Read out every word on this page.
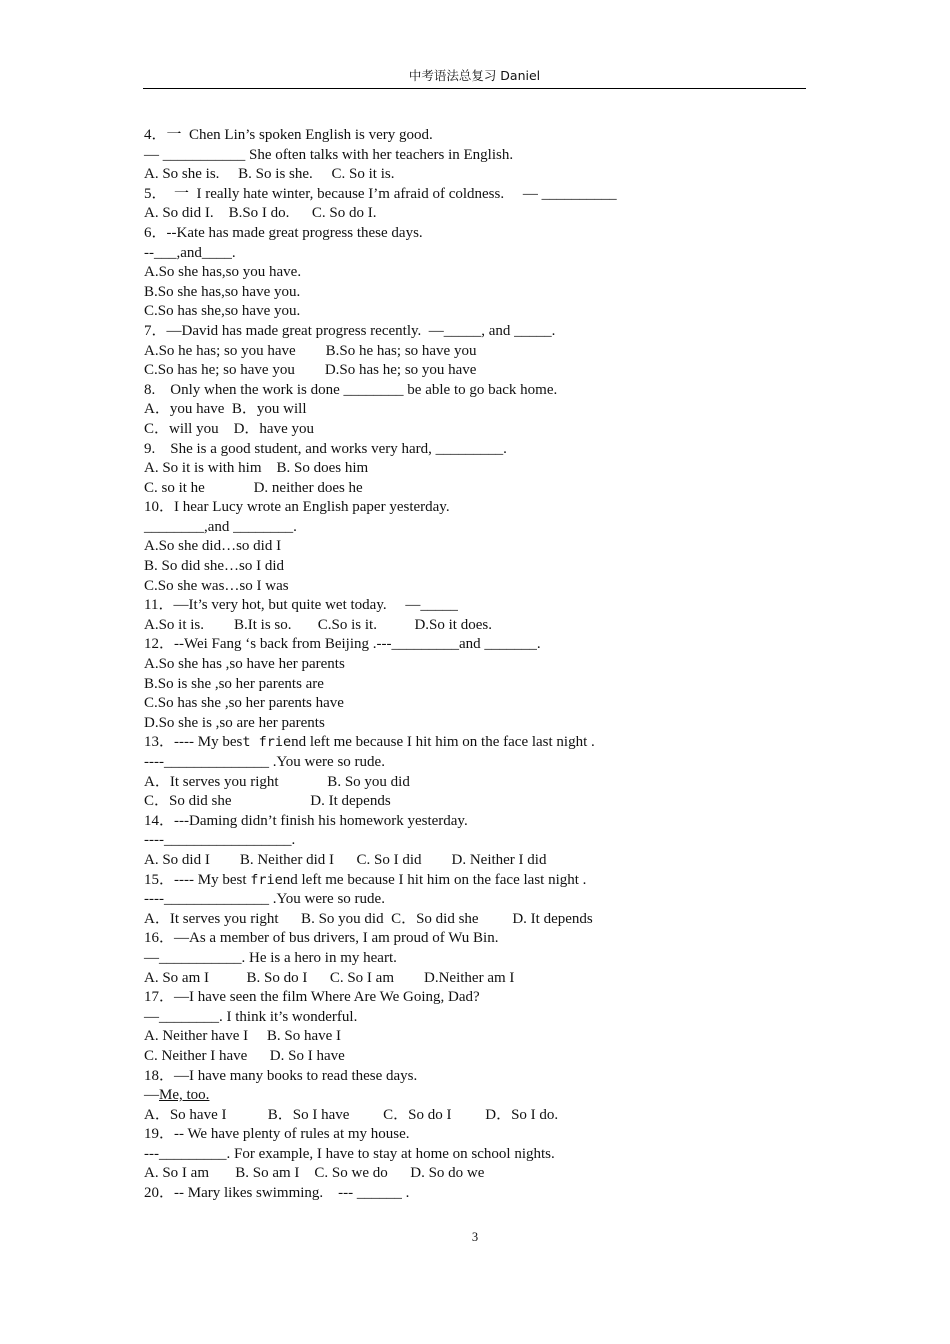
中考语法总复习 Daniel
4．一  Chen Lin’s spoken English is very good.
— ___________ She often talks with her teachers in English.
A. So she is.     B. So is she.     C. So it is.
5．  一  I really hate winter, because I’m afraid of coldness.     — __________
A. So did I.    B.So I do.      C. So do I.
6．--Kate has made great progress these days.
--___,and____.
A.So she has,so you have.
B.So she has,so have you.
C.So has she,so have you.
7．—David has made great progress recently.  —_____, and _____.
A.So he has; so you have        B.So he has; so have you
C.So has he; so have you        D.So has he; so you have
8.    Only when the work is done ________ be able to go back home.
A．you have  B．you will
C．will you    D．have you
9.    She is a good student, and works very hard, _________.
A. So it is with him    B. So does him
C. so it he             D. neither does he
10．I hear Lucy wrote an English paper yesterday.
________,and ________.
A.So she did…so did I
B. So did she…so I did
C.So she was…so I was
11．—It’s very hot, but quite wet today.     —_____
A.So it is.        B.It is so.       C.So is it.          D.So it does.
12．--Wei Fang ‘s back from Beijing .---_________and _______.
A.So she has ,so have her parents
B.So is she ,so her parents are
C.So has she ,so her parents have
D.So she is ,so are her parents
13．---- My best friend left me because I hit him on the face last night .
----______________ .You were so rude.
A．It serves you right             B. So you did
C．So did she                     D. It depends
14．---Daming didn’t finish his homework yesterday.
----_________________.
A. So did I        B. Neither did I      C. So I did        D. Neither I did
15．---- My best friend left me because I hit him on the face last night .
----______________ .You were so rude.
A．It serves you right      B. So you did  C．So did she         D. It depends
16．—As a member of bus drivers, I am proud of Wu Bin.
—___________. He is a hero in my heart.
A. So am I          B. So do I      C. So I am        D.Neither am I
17．—I have seen the film Where Are We Going, Dad?
—________. I think it’s wonderful.
A. Neither have I     B. So have I
C. Neither I have      D. So I have
18．—I have many books to read these days.
—Me, too.
A．So have I           B．So I have         C．So do I         D．So I do.
19．-- We have plenty of rules at my house.
---_________. For example, I have to stay at home on school nights.
A. So I am       B. So am I    C. So we do      D. So do we
20．-- Mary likes swimming.    --- ______ .
3
